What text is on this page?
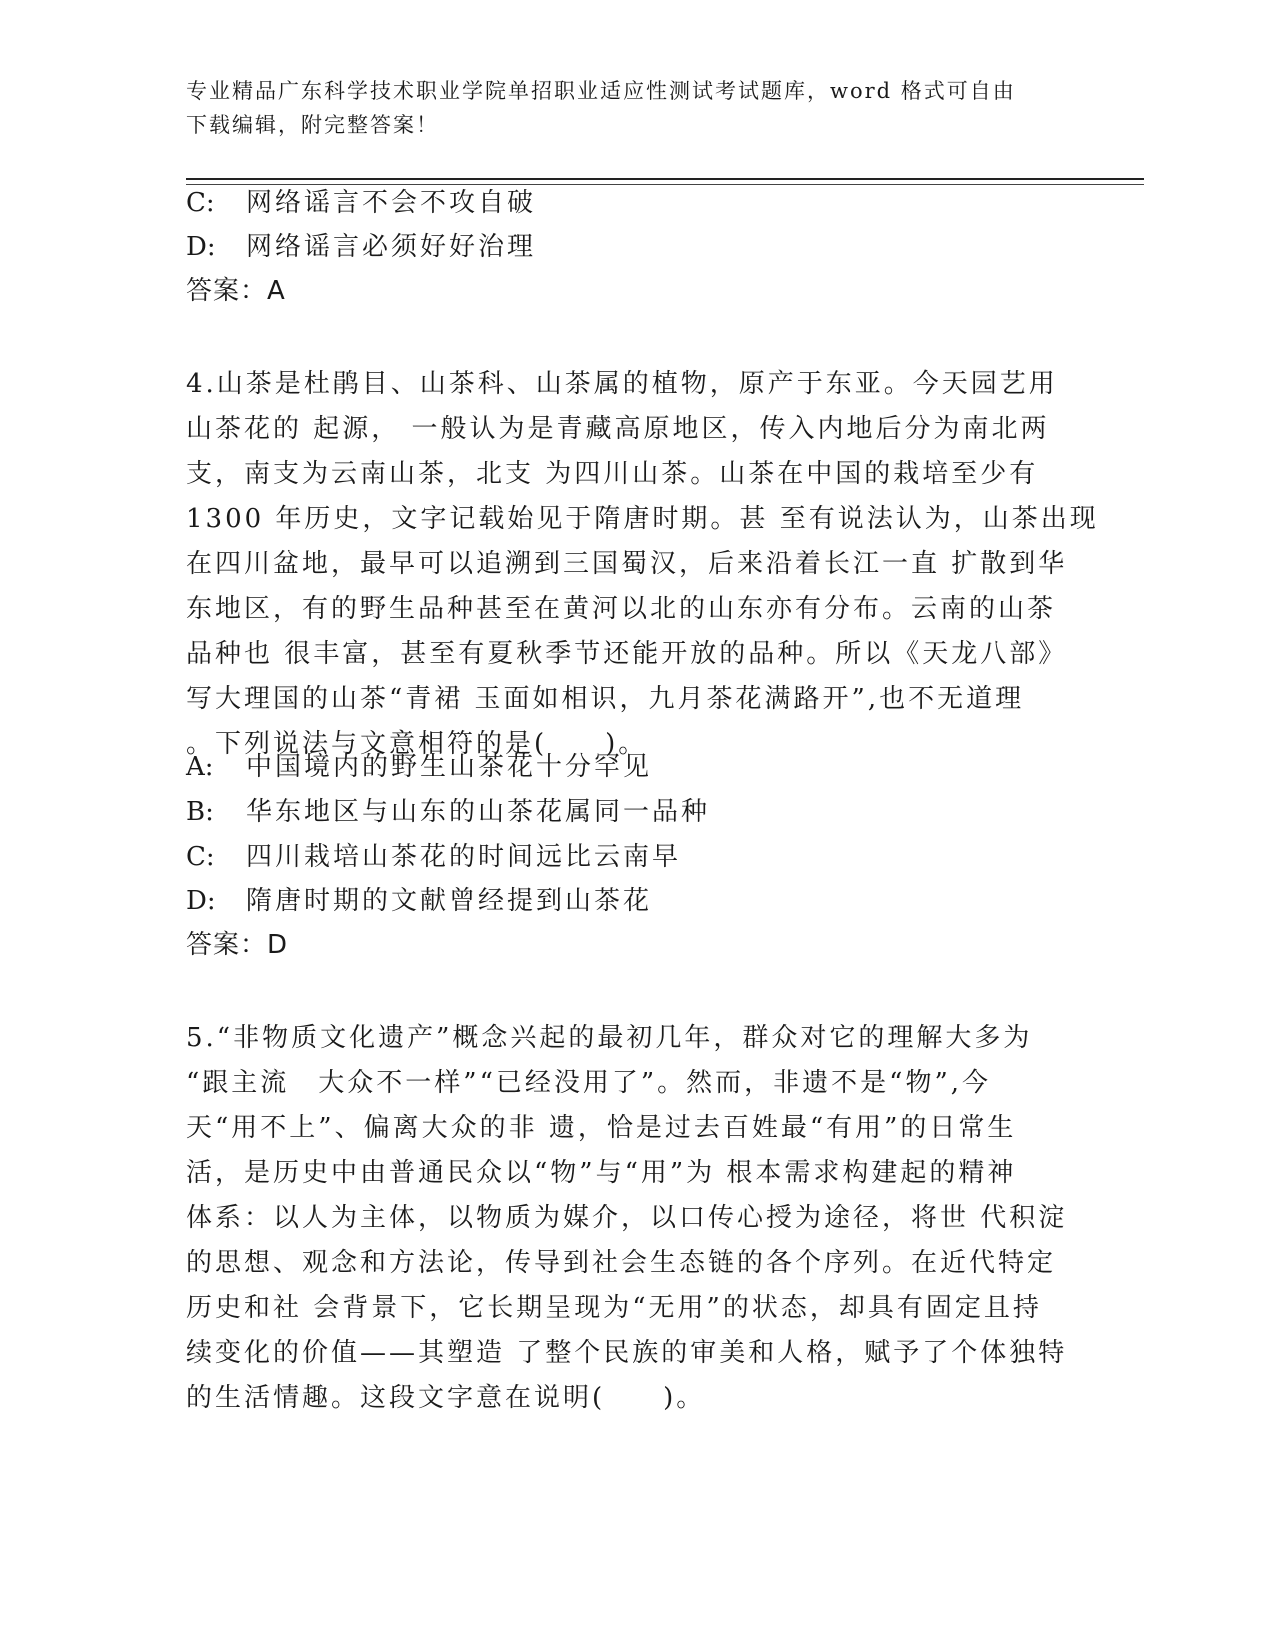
专业精品广东科学技术职业学院单招职业适应性测试考试题库，word 格式可自由
下载编辑，附完整答案！
C: 网络谣言不会不攻自破
D: 网络谣言必须好好治理
答案：A
4.山茶是杜鹃目、山茶科、山茶属的植物，原产于东亚。今天园艺用
山茶花的 起源， 一般认为是青藏高原地区，传入内地后分为南北两
支，南支为云南山茶，北支 为四川山茶。山茶在中国的栽培至少有
1300 年历史，文字记载始见于隋唐时期。甚 至有说法认为，山茶出现
在四川盆地，最早可以追溯到三国蜀汉，后来沿着长江一直 扩散到华
东地区，有的野生品种甚至在黄河以北的山东亦有分布。云南的山茶
品种也 很丰富，甚至有夏秋季节还能开放的品种。所以《天龙八部》
写大理国的山茶“青裙 玉面如相识，九月茶花满路开”,也不无道理
。下列说法与文意相符的是(　　)。
A: 中国境内的野生山茶花十分罕见
B: 华东地区与山东的山茶花属同一品种
C: 四川栽培山茶花的时间远比云南早
D: 隋唐时期的文献曾经提到山茶花
答案：D
5.“非物质文化遗产”概念兴起的最初几年，群众对它的理解大多为
“跟主流　大众不一样”“已经没用了”。然而，非遗不是“物”,今
天“用不上”、偏离大众的非 遗，恰是过去百姓最“有用”的日常生
活，是历史中由普通民众以“物”与“用”为 根本需求构建起的精神
体系：以人为主体，以物质为媒介，以口传心授为途径，将世 代积淀
的思想、观念和方法论，传导到社会生态链的各个序列。在近代特定
历史和社 会背景下，它长期呈现为“无用”的状态，却具有固定且持
续变化的价值——其塑造 了整个民族的审美和人格，赋予了个体独特
的生活情趣。这段文字意在说明(　　)。
